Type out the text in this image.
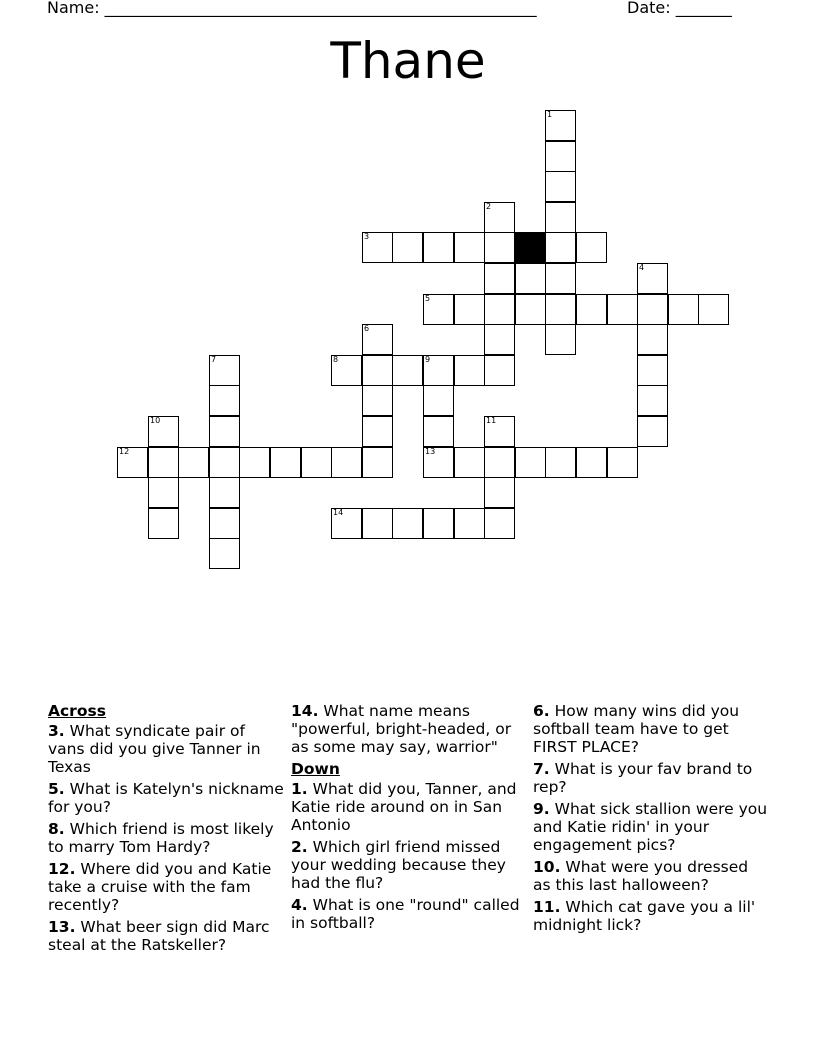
Name: ______________________________________________________	Date: _______
Thane
1
2
3
4
5
6
7	8	9
10	11
12	13
14
Across
3. What syndicate pair of vans did you give Tanner in Texas
5. What is Katelyn's nickname for you?
8. Which friend is most likely to marry Tom Hardy?
12. Where did you and Katie take a cruise with the fam recently?
13. What beer sign did Marc steal at the Ratskeller?
14. What name means "powerful, bright-headed, or as some may say, warrior"
Down
1. What did you, Tanner, and Katie ride around on in San Antonio
2. Which girl friend missed your wedding because they had the flu?
4. What is one "round" called in softball?
6. How many wins did you softball team have to get FIRST PLACE?
7. What is your fav brand to rep?
9. What sick stallion were you and Katie ridin' in your engagement pics?
10. What were you dressed as this last halloween?
11. Which cat gave you a lil' midnight lick?
